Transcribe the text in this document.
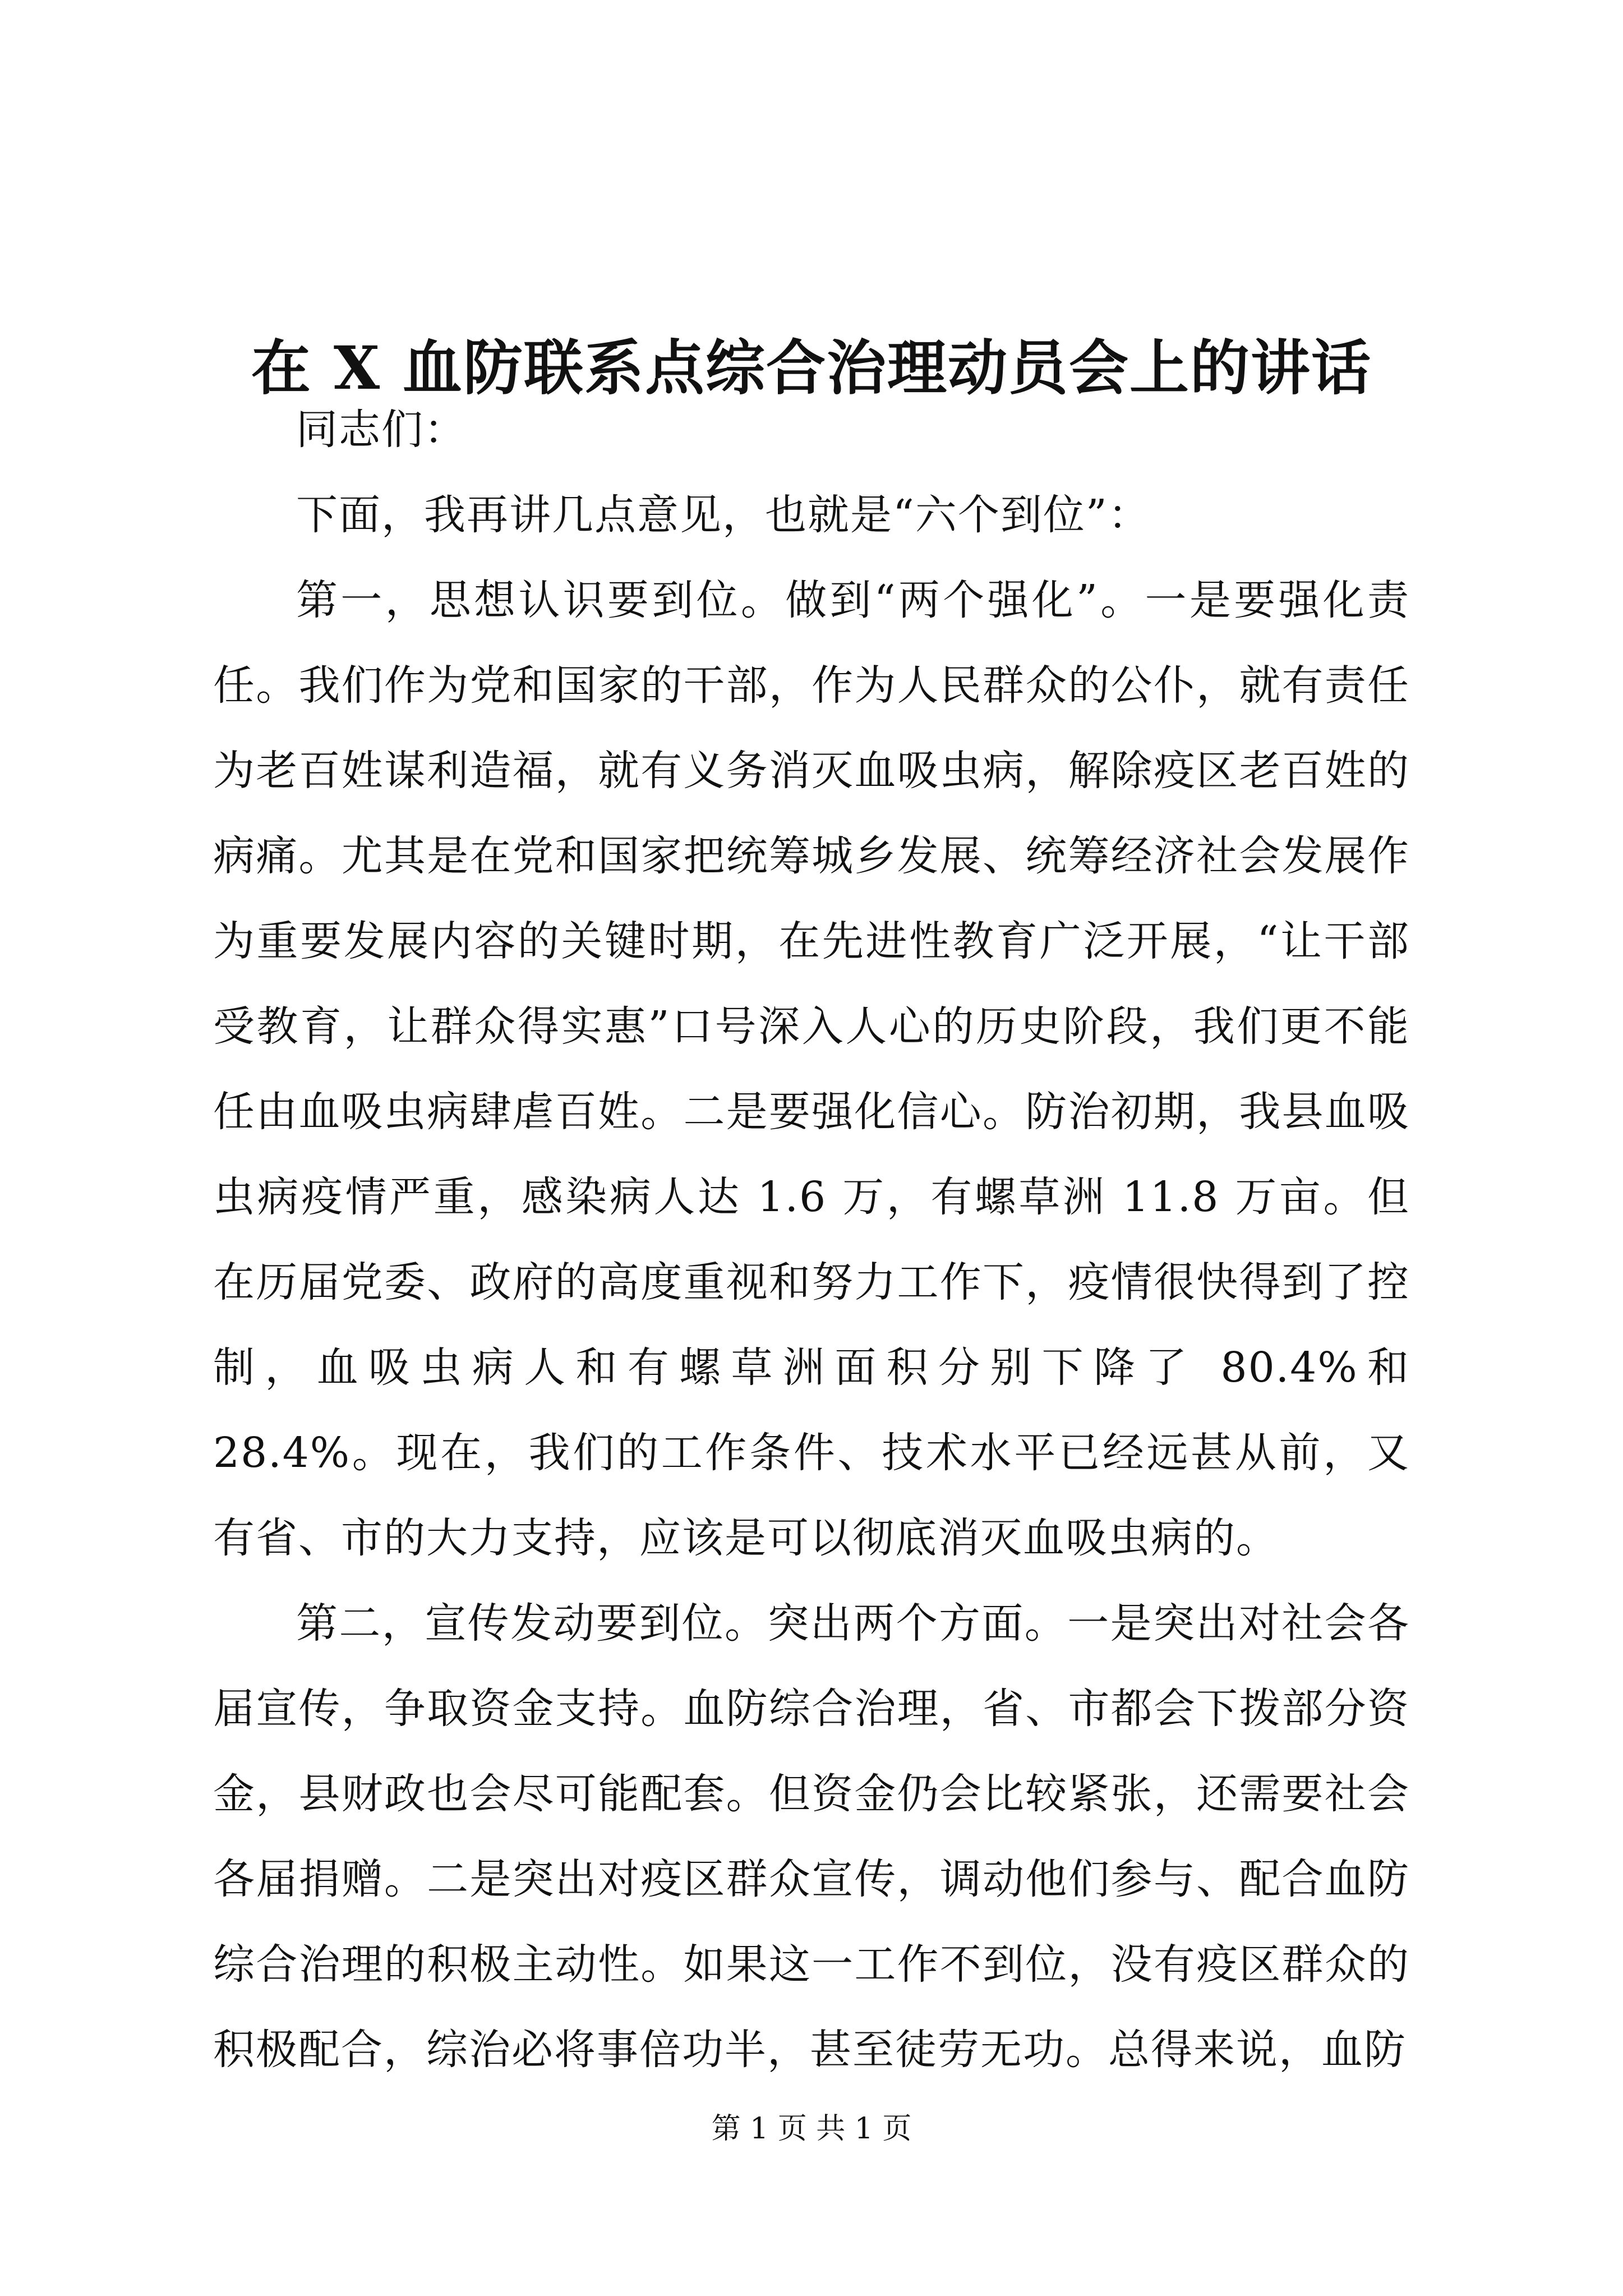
在 X 血防联系点综合治理动员会上的讲话

同志们：

下面，我再讲几点意见，也就是“六个到位”：

第一，思想认识要到位。做到“两个强化”。一是要强化责任。我们作为党和国家的干部，作为人民群众的公仆，就有责任为老百姓谋利造福，就有义务消灭血吸虫病，解除疫区老百姓的病痛。尤其是在党和国家把统筹城乡发展、统筹经济社会发展作为重要发展内容的关键时期，在先进性教育广泛开展，“让干部受教育，让群众得实惠”口号深入人心的历史阶段，我们更不能任由血吸虫病肆虐百姓。二是要强化信心。防治初期，我县血吸虫病疫情严重，感染病人达 1.6 万，有螺草洲 11.8 万亩。但在历届党委、政府的高度重视和努力工作下，疫情很快得到了控制，血吸虫病人和有螺草洲面积分别下降了 80.4%和 28.4%。现在，我们的工作条件、技术水平已经远甚从前，又有省、市的大力支持，应该是可以彻底消灭血吸虫病的。

第二，宣传发动要到位。突出两个方面。一是突出对社会各届宣传，争取资金支持。血防综合治理，省、市都会下拨部分资金，县财政也会尽可能配套。但资金仍会比较紧张，还需要社会各届捐赠。二是突出对疫区群众宣传，调动他们参与、配合血防综合治理的积极主动性。如果这一工作不到位，没有疫区群众的积极配合，综治必将事倍功半，甚至徒劳无功。总得来说，血防

第 1 页 共 1 页
